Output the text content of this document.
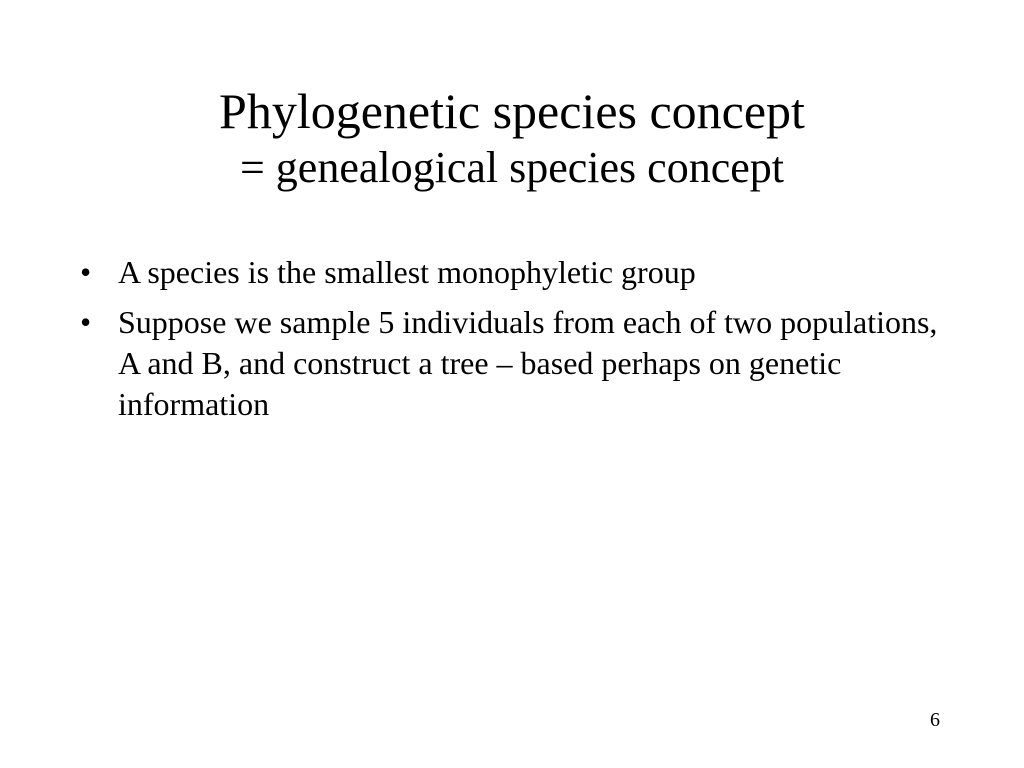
Phylogenetic species concept
= genealogical species concept
• A species is the smallest monophyletic group
• Suppose we sample 5 individuals from each of two populations, A and B, and construct a tree – based perhaps on genetic information
6
